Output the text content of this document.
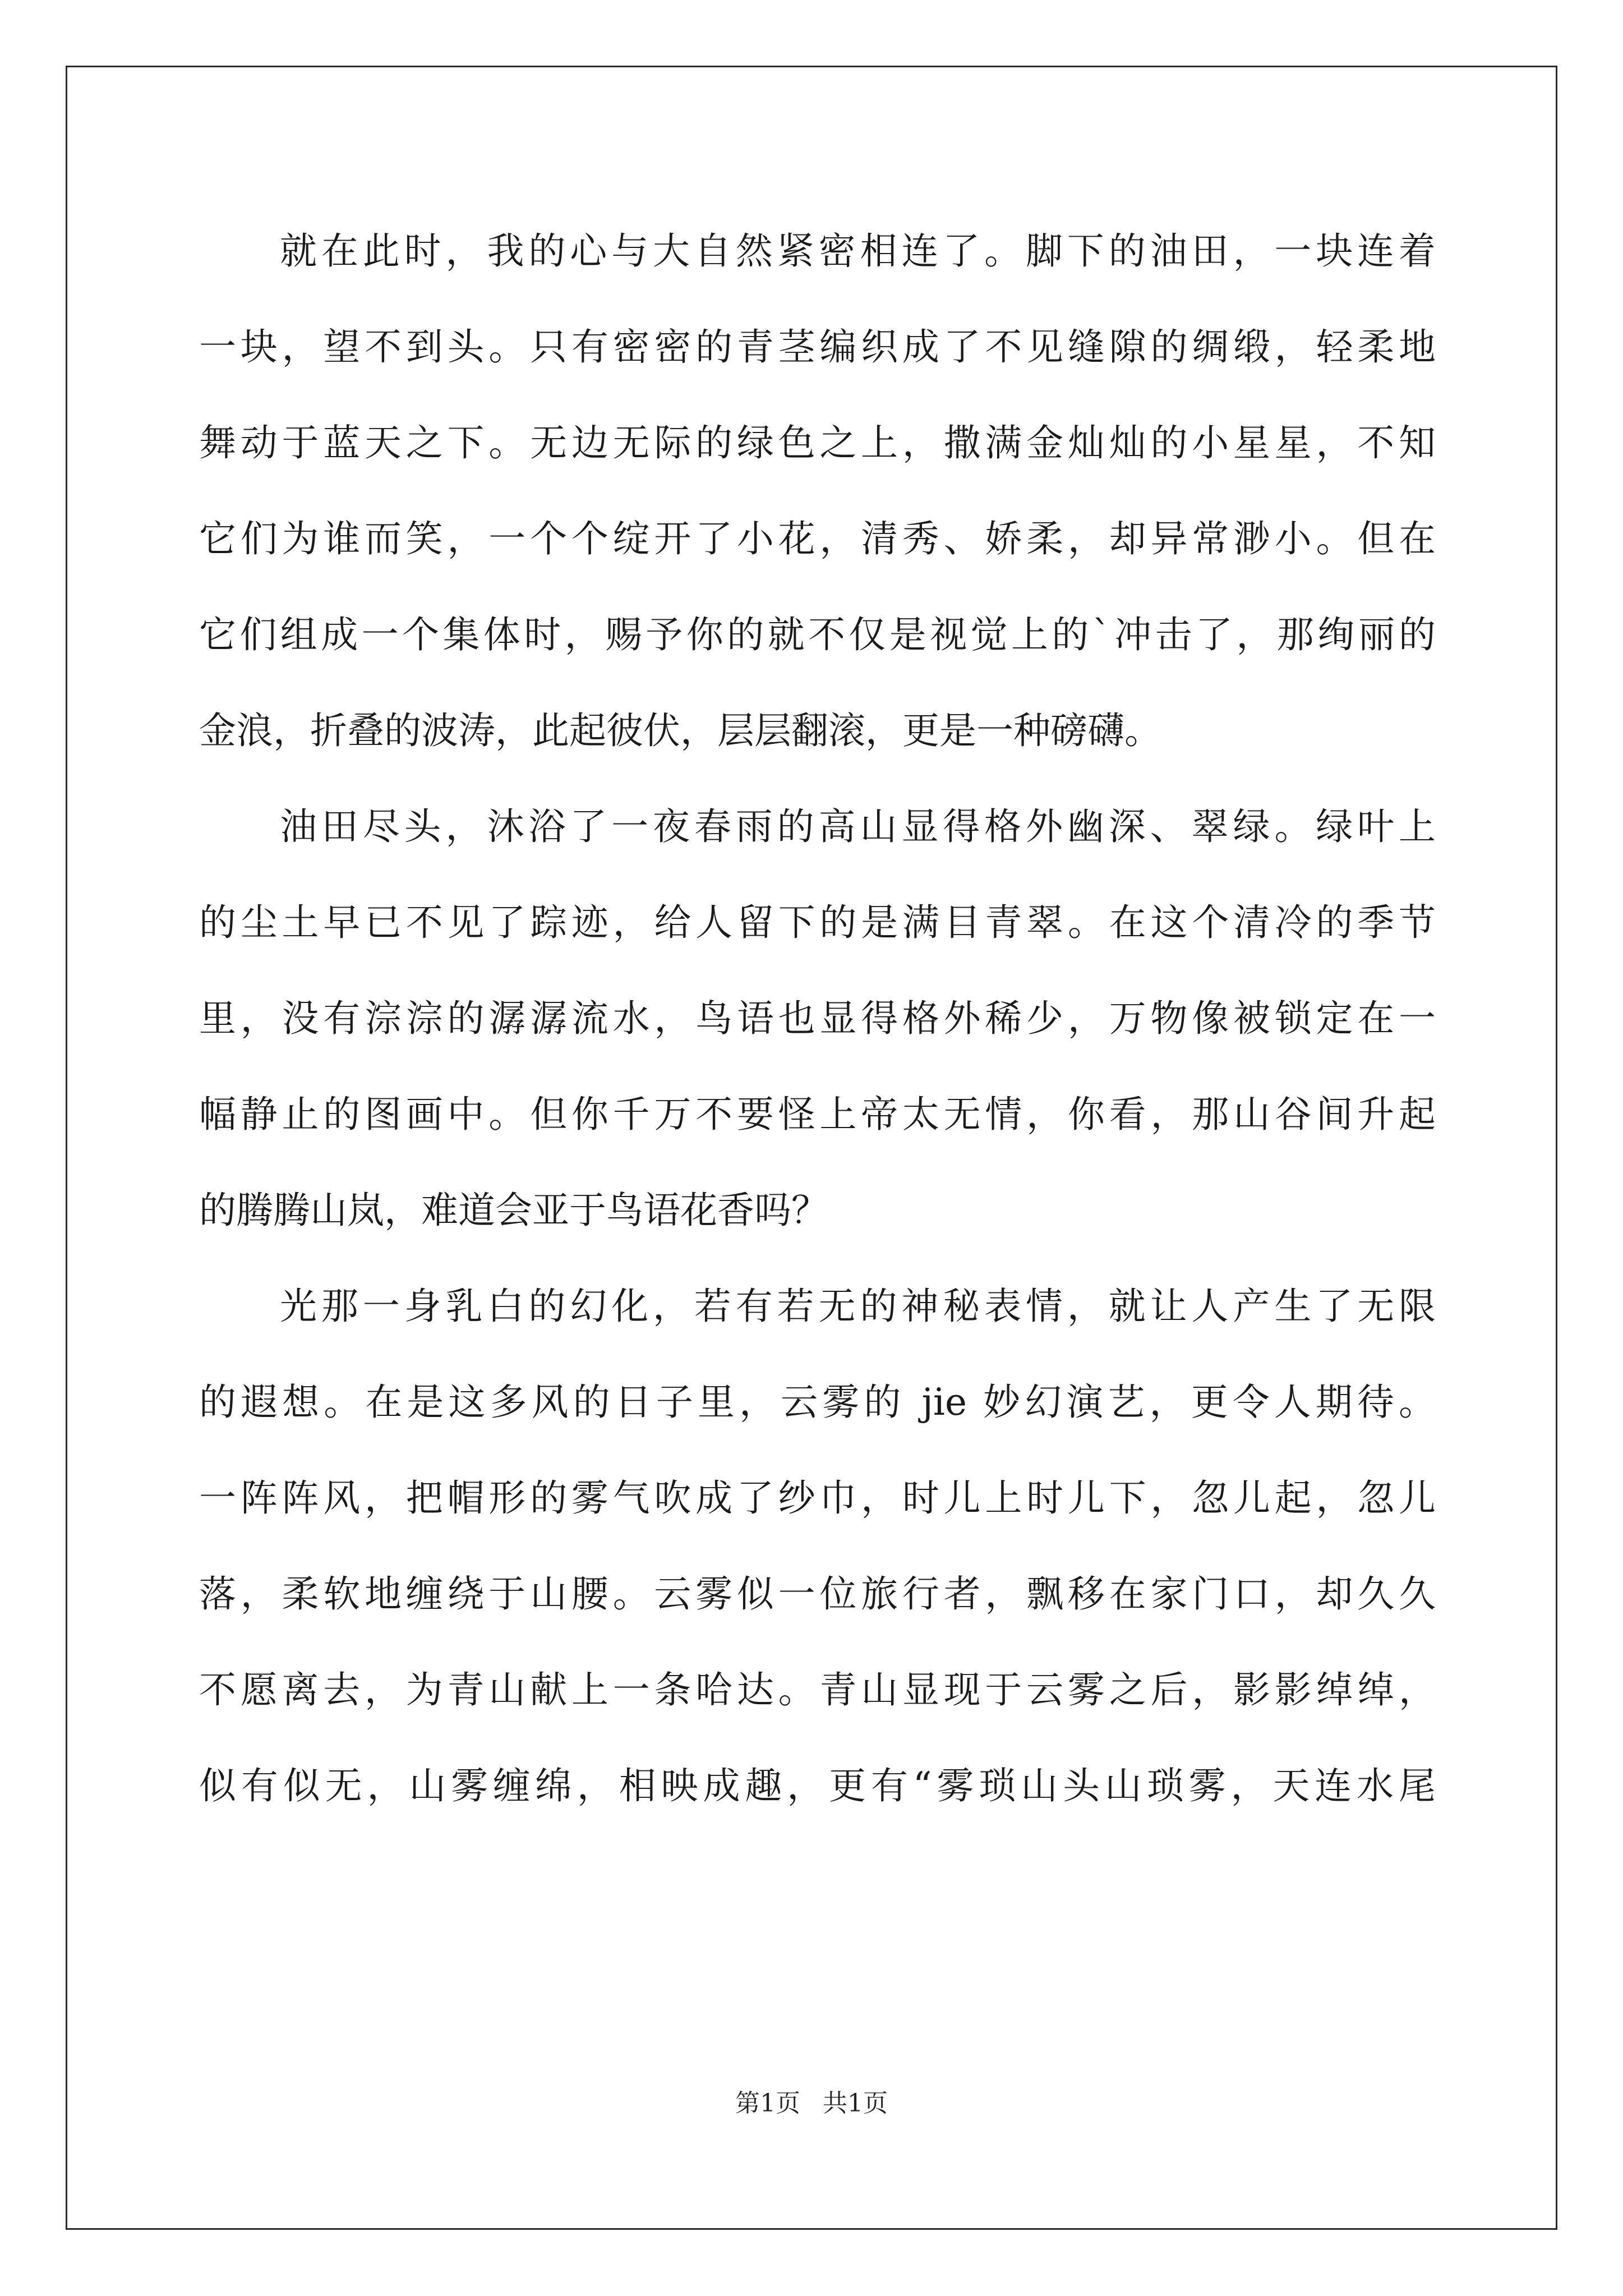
就在此时，我的心与大自然紧密相连了。脚下的油田，一块连着
一块，望不到头。只有密密的青茎编织成了不见缝隙的绸缎，轻柔地
舞动于蓝天之下。无边无际的绿色之上，撒满金灿灿的小星星，不知
它们为谁而笑，一个个绽开了小花，清秀、娇柔，却异常渺小。但在
它们组成一个集体时，赐予你的就不仅是视觉上的`冲击了，那绚丽的
金浪，折叠的波涛，此起彼伏，层层翻滚，更是一种磅礴。
油田尽头，沐浴了一夜春雨的高山显得格外幽深、翠绿。绿叶上
的尘土早已不见了踪迹，给人留下的是满目青翠。在这个清冷的季节
里，没有淙淙的潺潺流水，鸟语也显得格外稀少，万物像被锁定在一
幅静止的图画中。但你千万不要怪上帝太无情，你看，那山谷间升起
的腾腾山岚，难道会亚于鸟语花香吗？
光那一身乳白的幻化，若有若无的神秘表情，就让人产生了无限
的遐想。在是这多风的日子里，云雾的 jie 妙幻演艺，更令人期待。
一阵阵风，把帽形的雾气吹成了纱巾，时儿上时儿下，忽儿起，忽儿
落，柔软地缠绕于山腰。云雾似一位旅行者，飘移在家门口，却久久
不愿离去，为青山献上一条哈达。青山显现于云雾之后，影影绰绰，
似有似无，山雾缠绵，相映成趣，更有“雾琐山头山琐雾，天连水尾
第1页 共1页
